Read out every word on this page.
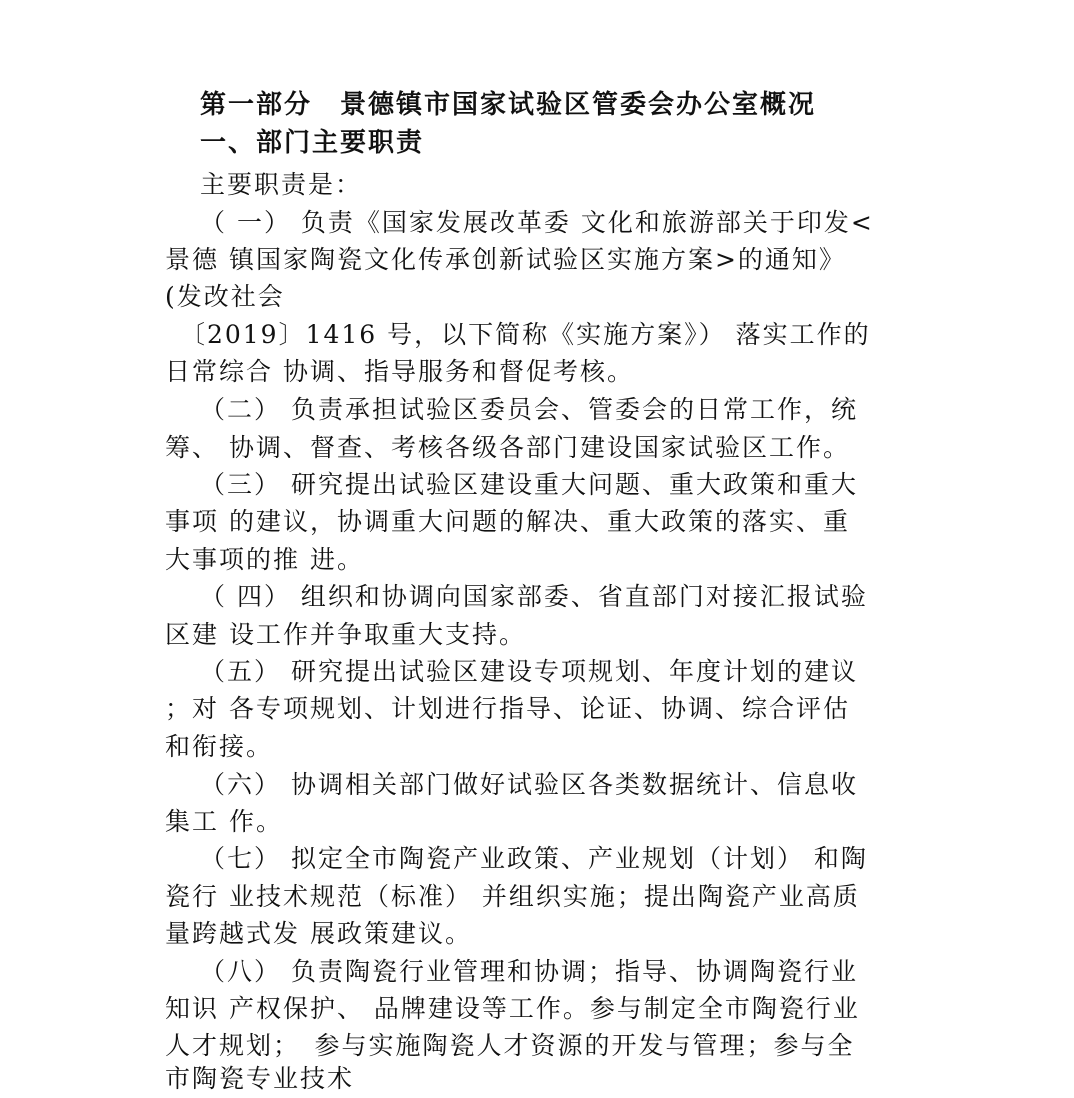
第一部分　景德镇市国家试验区管委会办公室概况
一、部门主要职责
主要职责是：
（ 一） 负责《国家发展改革委 文化和旅游部关于印发<
景德 镇国家陶瓷文化传承创新试验区实施方案>的通知》
(发改社会
〔2019〕1416 号，以下简称《实施方案》） 落实工作的
日常综合 协调、指导服务和督促考核。
（二） 负责承担试验区委员会、管委会的日常工作，统
筹、 协调、督查、考核各级各部门建设国家试验区工作。
（三） 研究提出试验区建设重大问题、重大政策和重大
事项 的建议，协调重大问题的解决、重大政策的落实、重
大事项的推 进。
（ 四） 组织和协调向国家部委、省直部门对接汇报试验
区建 设工作并争取重大支持。
（五） 研究提出试验区建设专项规划、年度计划的建议
；对 各专项规划、计划进行指导、论证、协调、综合评估
和衔接。
（六） 协调相关部门做好试验区各类数据统计、信息收
集工 作。
（七） 拟定全市陶瓷产业政策、产业规划（计划） 和陶
瓷行 业技术规范（标准） 并组织实施；提出陶瓷产业高质
量跨越式发 展政策建议。
（八） 负责陶瓷行业管理和协调；指导、协调陶瓷行业
知识 产权保护、 品牌建设等工作。参与制定全市陶瓷行业
人才规划；　参与实施陶瓷人才资源的开发与管理；参与全
市陶瓷专业技术
